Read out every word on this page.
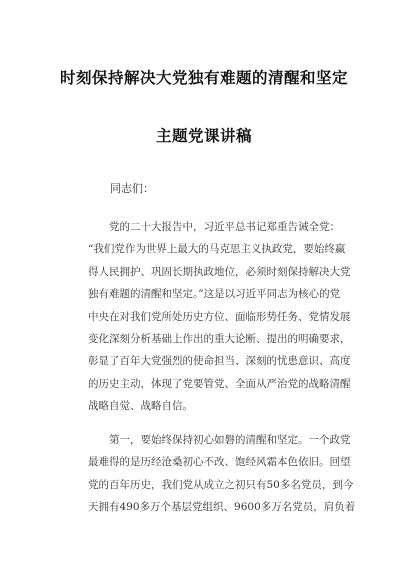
时刻保持解决大党独有难题的清醒和坚定
主题党课讲稿
同志们：
　　党的二十大报告中，习近平总书记郑重告诫全党：
“我们党作为世界上最大的马克思主义执政党，要始终赢
得人民拥护、巩固长期执政地位，必须时刻保持解决大党
独有难题的清醒和坚定。”这是以习近平同志为核心的党
中央在对我们党所处历史方位、面临形势任务、党情发展
变化深刻分析基础上作出的重大论断、提出的明确要求，
彰显了百年大党强烈的使命担当、深刻的忧患意识、高度
的历史主动，体现了党要管党、全面从严治党的战略清醒
战略自觉、战略自信。
　　第一，要始终保持初心如磐的清醒和坚定。一个政党
最难得的是历经沧桑初心不改、饱经风霜本色依旧。回望
党的百年历史，我们党从成立之初只有50多名党员，到今
天拥有490多万个基层党组织、9600多万名党员，肩负着
